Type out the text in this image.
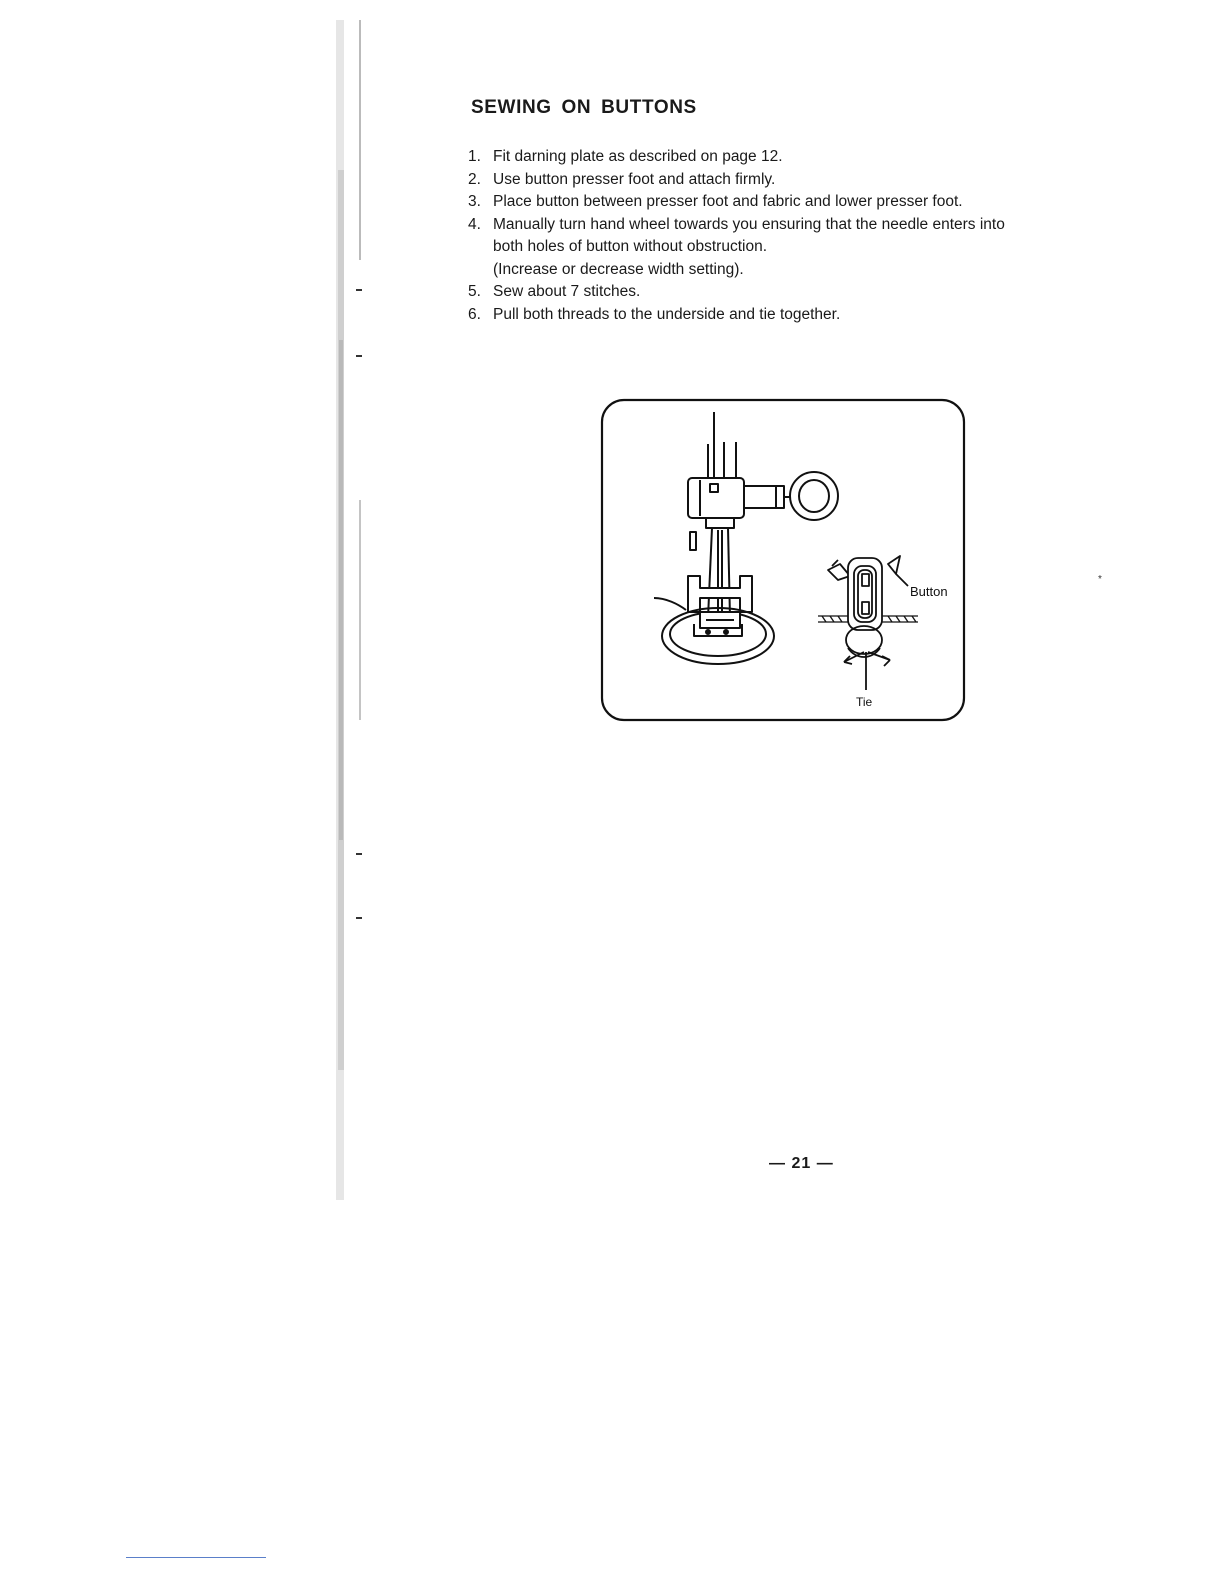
SEWING ON BUTTONS
1. Fit darning plate as described on page 12.
2. Use button presser foot and attach firmly.
3. Place button between presser foot and fabric and lower presser foot.
4. Manually turn hand wheel towards you ensuring that the needle enters into
both holes of button without obstruction.
(Increase or decrease width setting).
5. Sew about 7 stitches.
6. Pull both threads to the underside and tie together.
Button
Tie
— 21 —
*
